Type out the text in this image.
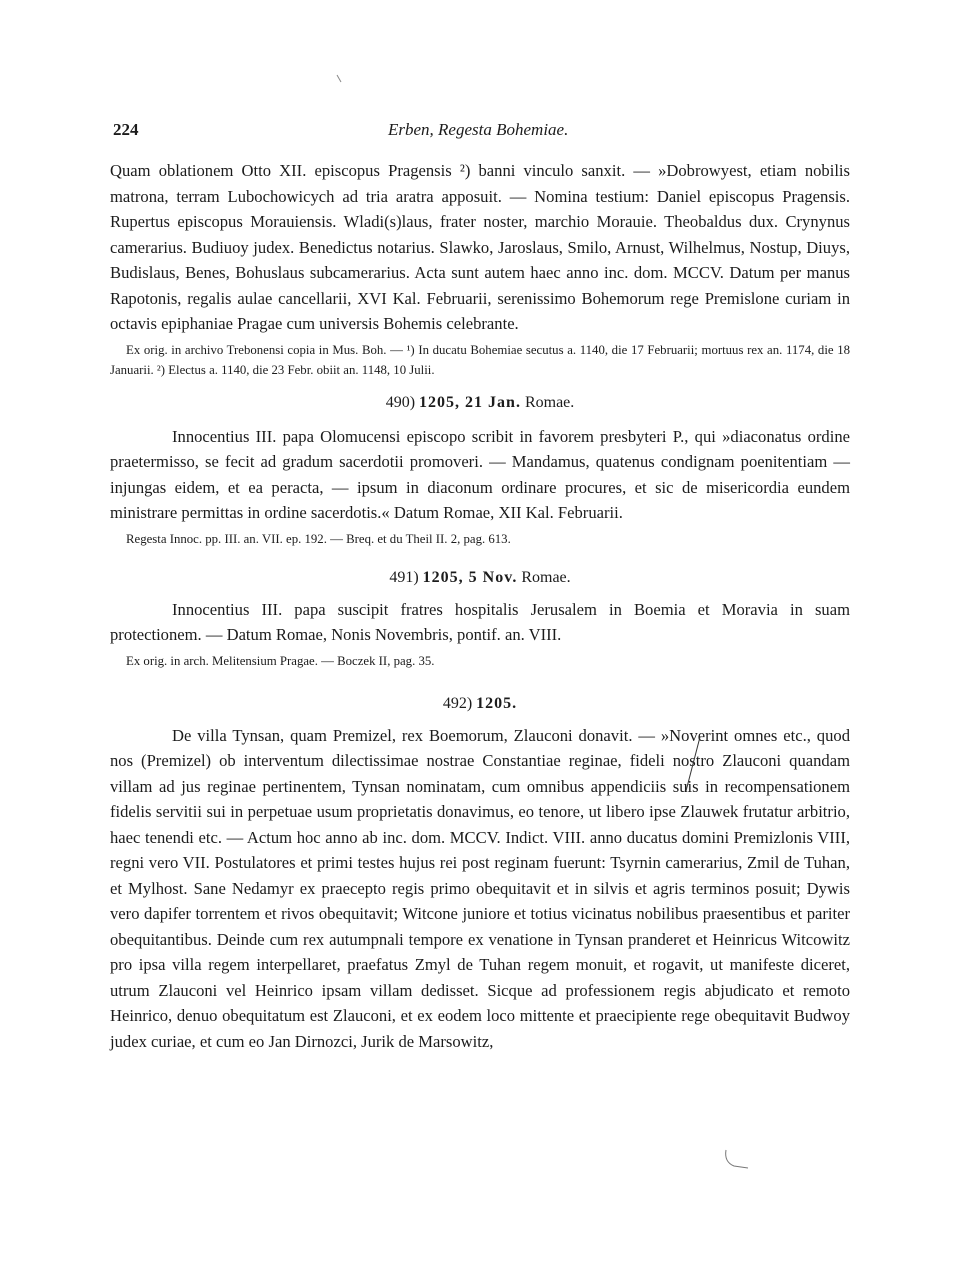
224	Erben, Regesta Bohemiae.

Quam oblationem Otto XII. episcopus Pragensis ²) banni vinculo sanxit. — »Dobrowyest, etiam nobilis matrona, terram Lubochowicych ad tria aratra apposuit. — Nomina testium: Daniel episcopus Pragensis. Rupertus episcopus Morauiensis. Wladi(s)laus, frater noster, marchio Morauie. Theobaldus dux. Crynynus camerarius. Budiuoy judex. Benedictus notarius. Slawko, Jaroslaus, Smilo, Arnust, Wilhelmus, Nostup, Diuys, Budislaus, Benes, Bohuslaus subcamerarius. Acta sunt autem haec anno inc. dom. MCCV. Datum per manus Rapotonis, regalis aulae cancellarii, XVI Kal. Februarii, serenissimo Bohemorum rege Premislone curiam in octavis epiphaniae Pragae cum universis Bohemis celebrante.

Ex orig. in archivo Trebonensi copia in Mus. Boh. — ¹) In ducatu Bohemiae secutus a. 1140, die 17 Februarii; mortuus rex an. 1174, die 18 Januarii. ²) Electus a. 1140, die 23 Febr. obiit an. 1148, 10 Julii.

490) 1205, 21 Jan. Romae.

Innocentius III. papa Olomucensi episcopo scribit in favorem presbyteri P., qui »diaconatus ordine praetermisso, se fecit ad gradum sacerdotii promoveri. — Mandamus, quatenus condignam poenitentiam — injungas eidem, et ea peracta, — ipsum in diaconum ordinare procures, et sic de misericordia eundem ministrare permittas in ordine sacerdotis.« Datum Romae, XII Kal. Februarii.

Regesta Innoc. pp. III. an. VII. ep. 192. — Breq. et du Theil II. 2, pag. 613.

491) 1205, 5 Nov. Romae.

Innocentius III. papa suscipit fratres hospitalis Jerusalem in Boemia et Moravia in suam protectionem. — Datum Romae, Nonis Novembris, pontif. an. VIII.

Ex orig. in arch. Melitensium Pragae. — Boczek II, pag. 35.

492) 1205.

De villa Tynsan, quam Premizel, rex Boemorum, Zlauconi donavit. — »Noverint omnes etc., quod nos (Premizel) ob interventum dilectissimae nostrae Constantiae reginae, fideli nostro Zlauconi quandam villam ad jus reginae pertinentem, Tynsan nominatam, cum omnibus appendiciis suis in recompensationem fidelis servitii sui in perpetuae usum proprietatis donavimus, eo tenore, ut libero ipse Zlauwek frutatur arbitrio, haec tenendi etc. — Actum hoc anno ab inc. dom. MCCV. Indict. VIII. anno ducatus domini Premizlonis VIII, regni vero VII. Postulatores et primi testes hujus rei post reginam fuerunt: Tsyrnin camerarius, Zmil de Tuhan, et Mylhost. Sane Nedamyr ex praecepto regis primo obequitavit et in silvis et agris terminos posuit; Dywis vero dapifer torrentem et rivos obequitavit; Witcone juniore et totius vicinatus nobilibus praesentibus et pariter obequitantibus. Deinde cum rex autumpnali tempore ex venatione in Tynsan pranderet et Heinricus Witcowitz pro ipsa villa regem interpellaret, praefatus Zmyl de Tuhan regem monuit, et rogavit, ut manifeste diceret, utrum Zlauconi vel Heinrico ipsam villam dedisset. Sicque ad professionem regis abjudicato et remoto Heinrico, denuo obequitatum est Zlauconi, et ex eodem loco mittente et praecipiente rege obequitavit Budwoy judex curiae, et cum eo Jan Dirnozci, Jurik de Marsowitz,
